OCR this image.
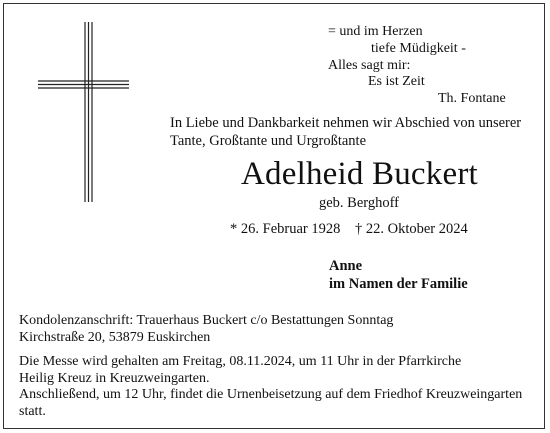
= und im Herzen
tiefe Müdigkeit -
Alles sagt mir:
Es ist Zeit
Th. Fontane
In Liebe und Dankbarkeit nehmen wir Abschied von unserer
Tante, Großtante und Urgroßtante
Adelheid Buckert
geb. Berghoff
* 26. Februar 1928 † 22. Oktober 2024
Anne
im Namen der Familie
Kondolenzanschrift: Trauerhaus Buckert c/o Bestattungen Sonntag
Kirchstraße 20, 53879 Euskirchen
Die Messe wird gehalten am Freitag, 08.11.2024, um 11 Uhr in der Pfarrkirche
Heilig Kreuz in Kreuzweingarten.
Anschließend, um 12 Uhr, findet die Urnenbeisetzung auf dem Friedhof Kreuzweingarten
statt.
